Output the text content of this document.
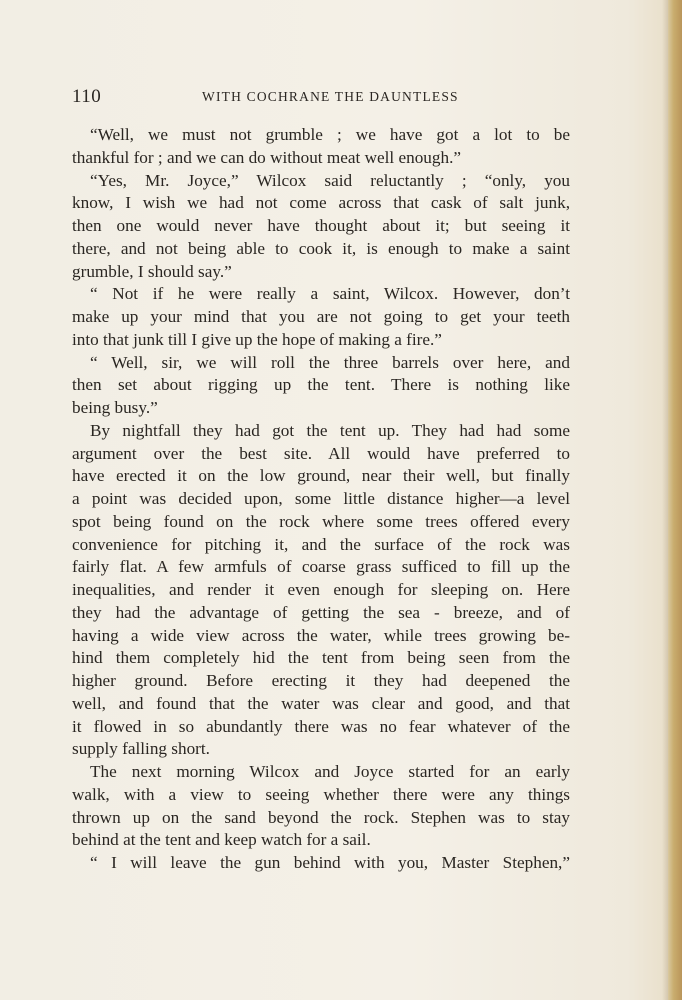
110	WITH COCHRANE THE DAUNTLESS
“Well, we must not grumble ; we have got a lot to be
thankful for ; and we can do without meat well enough.”
“Yes, Mr. Joyce,” Wilcox said reluctantly ; “only, you
know, I wish we had not come across that cask of salt junk,
then one would never have thought about it; but seeing it
there, and not being able to cook it, is enough to make a saint
grumble, I should say.”
“ Not if he were really a saint, Wilcox. However, don’t
make up your mind that you are not going to get your teeth
into that junk till I give up the hope of making a fire.”
“ Well, sir, we will roll the three barrels over here, and
then set about rigging up the tent. There is nothing like
being busy.”
By nightfall they had got the tent up. They had had some
argument over the best site. All would have preferred to
have erected it on the low ground, near their well, but finally
a point was decided upon, some little distance higher—a level
spot being found on the rock where some trees offered every
convenience for pitching it, and the surface of the rock was
fairly flat. A few armfuls of coarse grass sufficed to fill up the
inequalities, and render it even enough for sleeping on. Here
they had the advantage of getting the sea - breeze, and of
having a wide view across the water, while trees growing be-
hind them completely hid the tent from being seen from the
higher ground. Before erecting it they had deepened the
well, and found that the water was clear and good, and that
it flowed in so abundantly there was no fear whatever of the
supply falling short.
The next morning Wilcox and Joyce started for an early
walk, with a view to seeing whether there were any things
thrown up on the sand beyond the rock. Stephen was to stay
behind at the tent and keep watch for a sail.
“ I will leave the gun behind with you, Master Stephen,”
